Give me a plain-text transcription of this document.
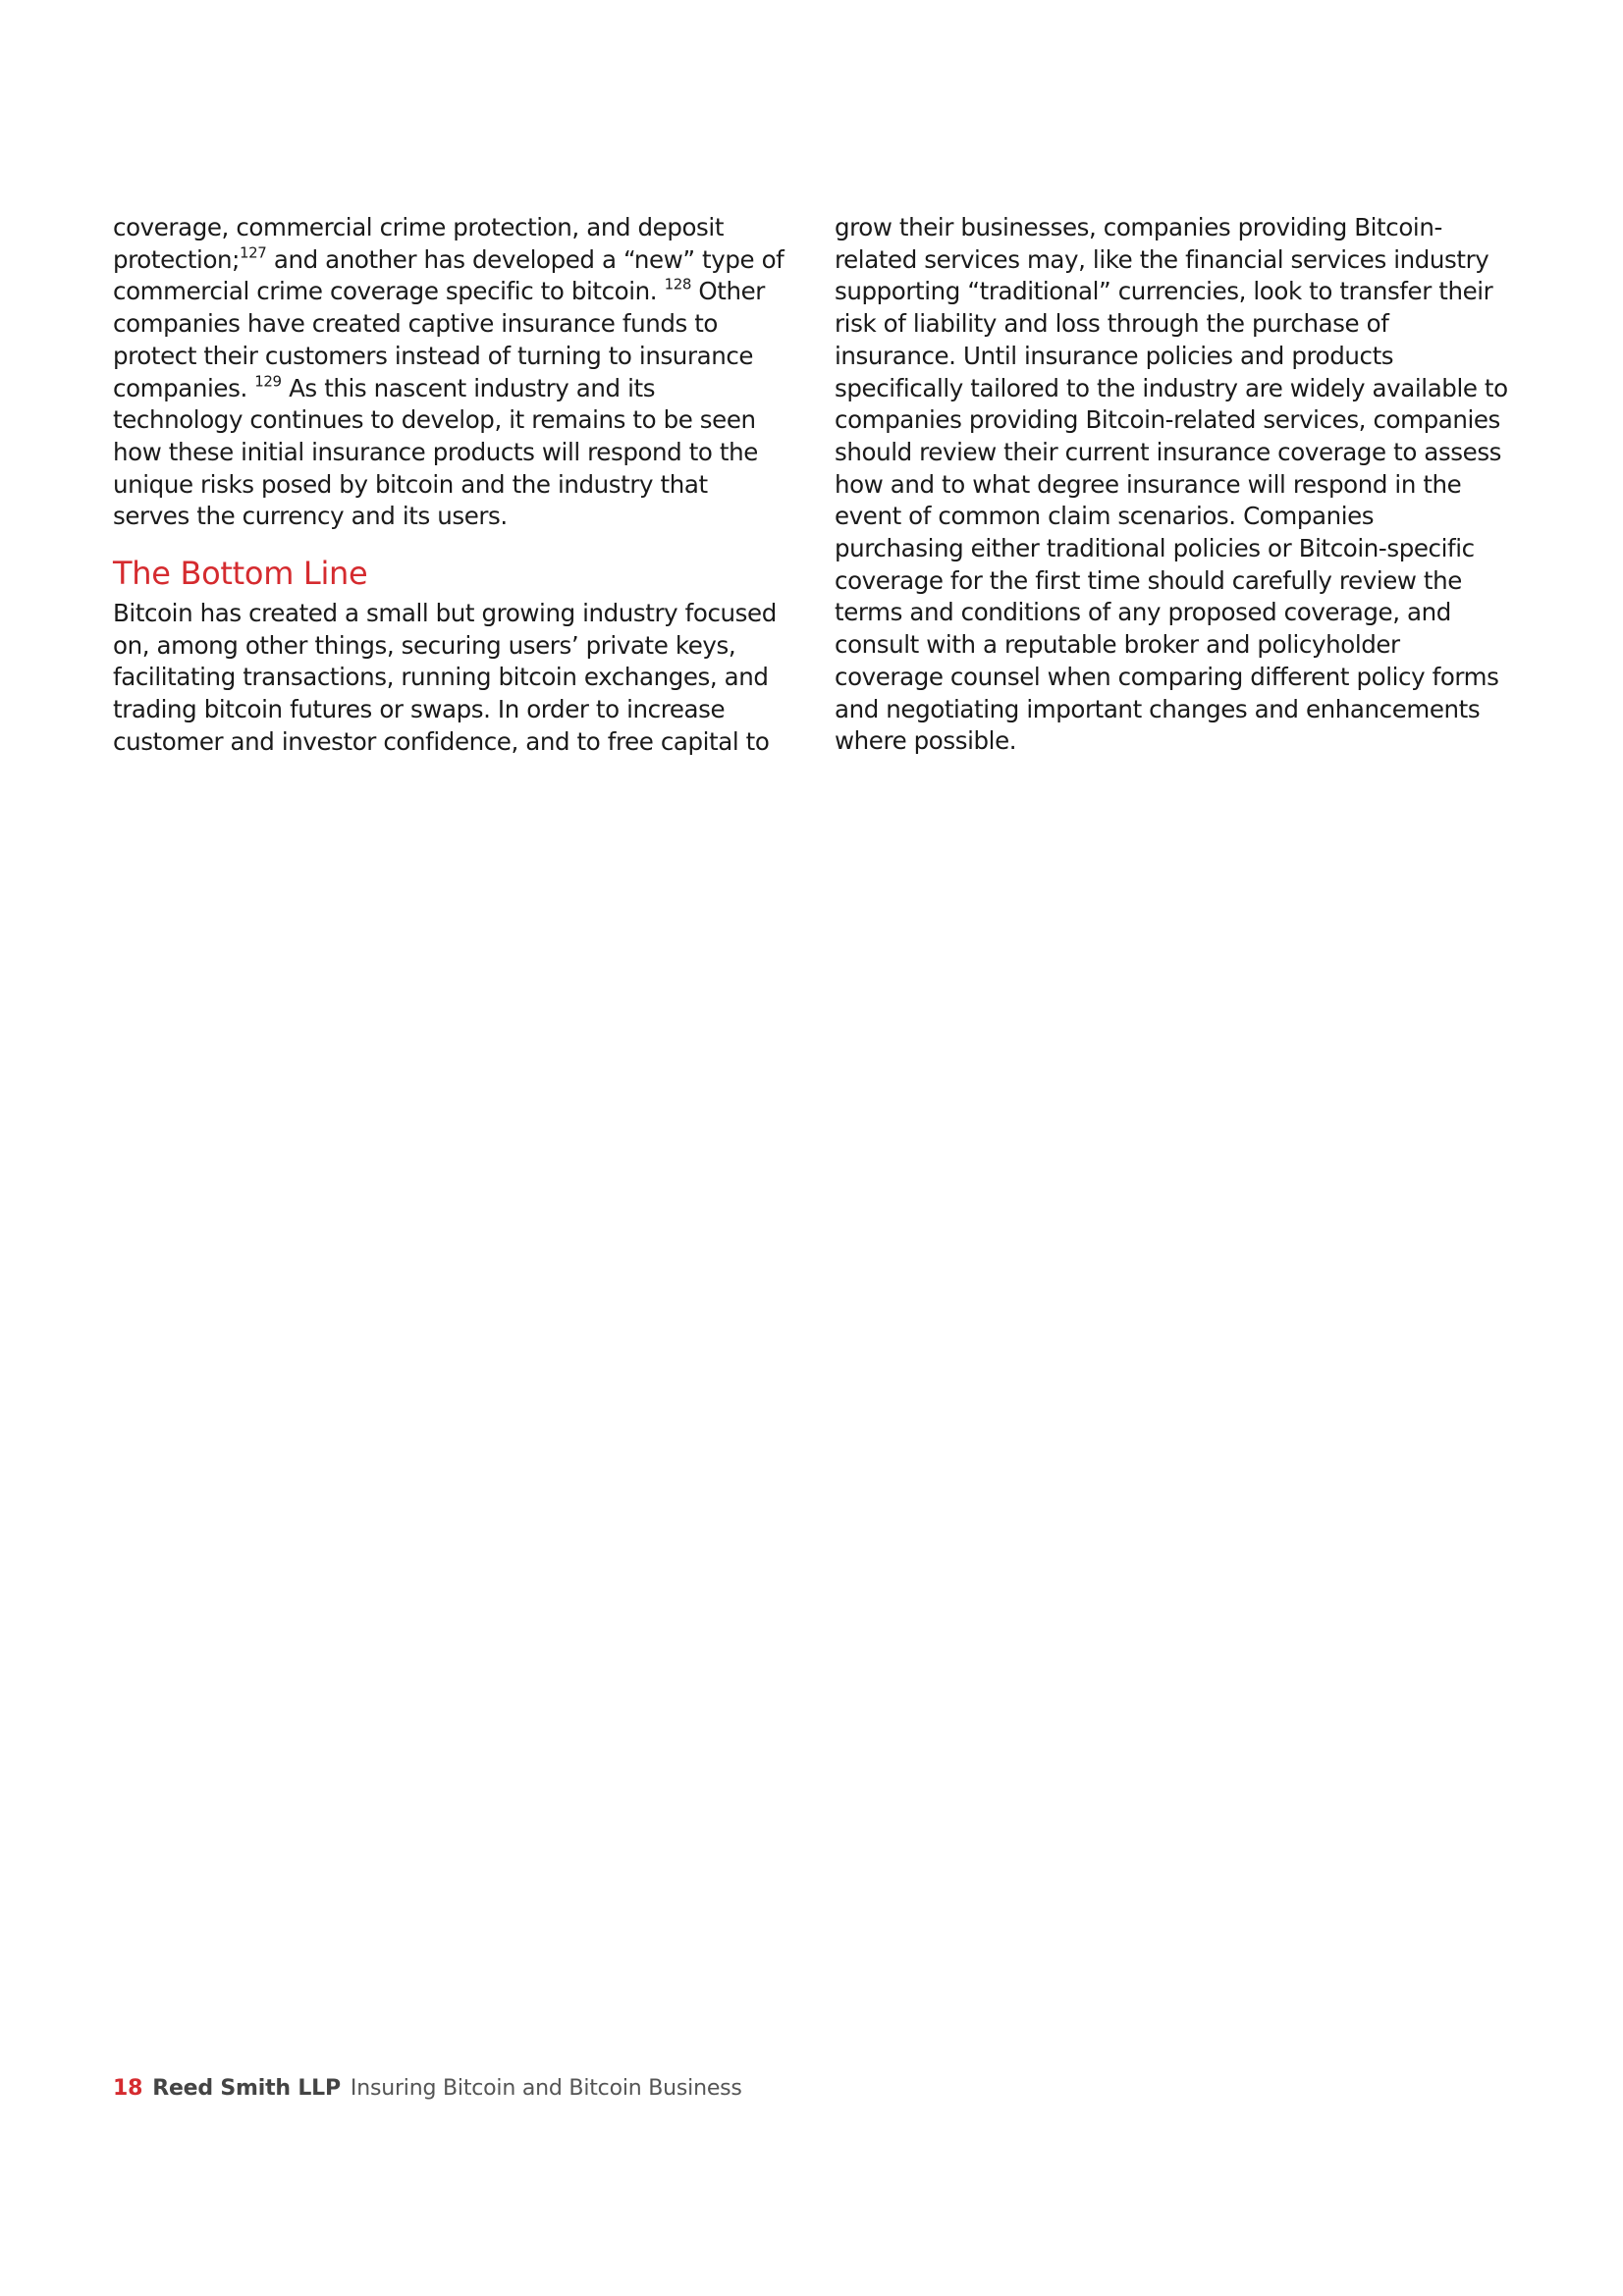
coverage, commercial crime protection, and deposit
protection;$^{127}$ and another has developed a “new” type of
commercial crime coverage specific to bitcoin. $^{128}$ Other
companies have created captive insurance funds to
protect their customers instead of turning to insurance
companies. $^{129}$ As this nascent industry and its
technology continues to develop, it remains to be seen
how these initial insurance products will respond to the
unique risks posed by bitcoin and the industry that
serves the currency and its users.

The Bottom Line

Bitcoin has created a small but growing industry focused
on, among other things, securing users’ private keys,
facilitating transactions, running bitcoin exchanges, and
trading bitcoin futures or swaps. In order to increase
customer and investor confidence, and to free capital to

grow their businesses, companies providing Bitcoin-
related services may, like the financial services industry
supporting “traditional” currencies, look to transfer their
risk of liability and loss through the purchase of
insurance. Until insurance policies and products
specifically tailored to the industry are widely available to
companies providing Bitcoin-related services, companies
should review their current insurance coverage to assess
how and to what degree insurance will respond in the
event of common claim scenarios. Companies
purchasing either traditional policies or Bitcoin-specific
coverage for the first time should carefully review the
terms and conditions of any proposed coverage, and
consult with a reputable broker and policyholder
coverage counsel when comparing different policy forms
and negotiating important changes and enhancements
where possible.

18 Reed Smith LLP Insuring Bitcoin and Bitcoin Business
